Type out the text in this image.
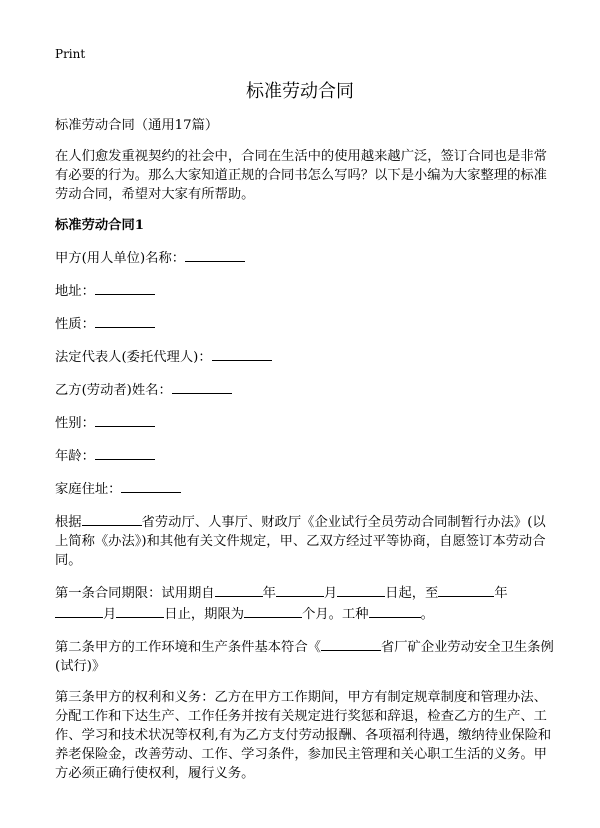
Print
标准劳动合同

标准劳动合同（通用17篇）

在人们愈发重视契约的社会中，合同在生活中的使用越来越广泛，签订合同也是非常有必要的行为。那么大家知道正规的合同书怎么写吗？以下是小编为大家整理的标准劳动合同，希望对大家有所帮助。

标准劳动合同1

甲方(用人单位)名称：

地址：

性质：

法定代表人(委托代理人)：

乙方(劳动者)姓名：

性别：

年龄：

家庭住址：

根据	省劳动厅、人事厅、财政厅《企业试行全员劳动合同制暂行办法》(以上简称《办法》)和其他有关文件规定，甲、乙双方经过平等协商，自愿签订本劳动合同。

第一条合同期限：试用期自	年	月	日起，至	年月	日止，期限为	个月。工种	。

第二条甲方的工作环境和生产条件基本符合《	省厂矿企业劳动安全卫生条例(试行)》

第三条甲方的权利和义务：乙方在甲方工作期间，甲方有制定规章制度和管理办法、分配工作和下达生产、工作任务并按有关规定进行奖惩和辞退，检查乙方的生产、工作、学习和技术状况等权利,有为乙方支付劳动报酬、各项福利待遇，缴纳待业保险和养老保险金，改善劳动、工作、学习条件，参加民主管理和关心职工生活的义务。甲方必须正确行使权利，履行义务。
